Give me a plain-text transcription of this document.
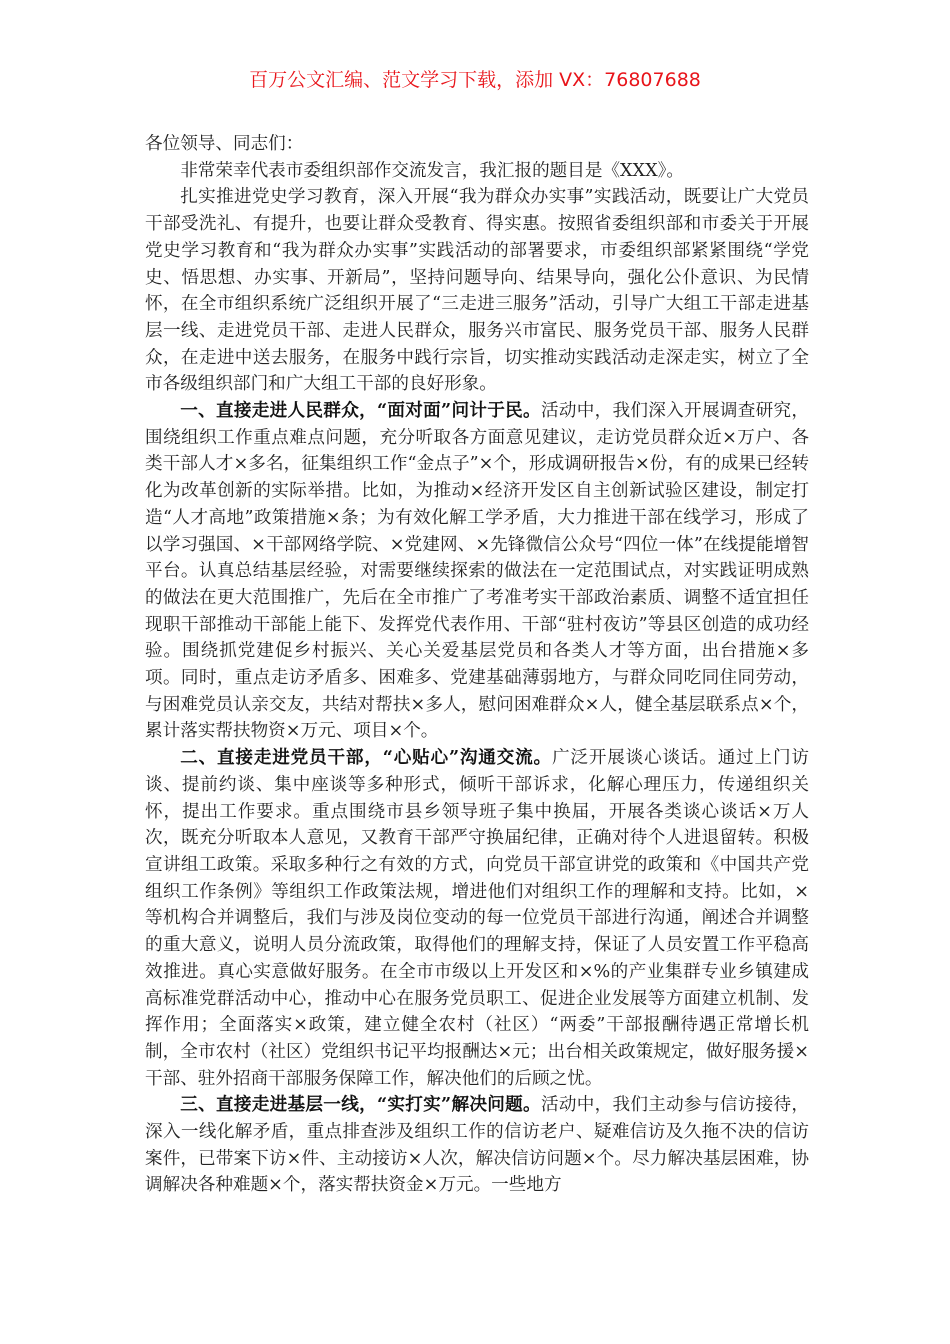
百万公文汇编、范文学习下载，添加 VX：76807688

各位领导、同志们：

非常荣幸代表市委组织部作交流发言，我汇报的题目是《XXX》。

扎实推进党史学习教育，深入开展“我为群众办实事”实践活动，既要让广大党员干部受洗礼、有提升，也要让群众受教育、得实惠。按照省委组织部和市委关于开展党史学习教育和“我为群众办实事”实践活动的部署要求，市委组织部紧紧围绕“学党史、悟思想、办实事、开新局”，坚持问题导向、结果导向，强化公仆意识、为民情怀，在全市组织系统广泛组织开展了“三走进三服务”活动，引导广大组工干部走进基层一线、走进党员干部、走进人民群众，服务兴市富民、服务党员干部、服务人民群众，在走进中送去服务，在服务中践行宗旨，切实推动实践活动走深走实，树立了全市各级组织部门和广大组工干部的良好形象。

一、直接走进人民群众，“面对面”问计于民。活动中，我们深入开展调查研究，围绕组织工作重点难点问题，充分听取各方面意见建议，走访党员群众近×万户、各类干部人才×多名，征集组织工作“金点子”×个，形成调研报告×份，有的成果已经转化为改革创新的实际举措。比如，为推动×经济开发区自主创新试验区建设，制定打造“人才高地”政策措施×条；为有效化解工学矛盾，大力推进干部在线学习，形成了以学习强国、×干部网络学院、×党建网、×先锋微信公众号“四位一体”在线提能增智平台。认真总结基层经验，对需要继续探索的做法在一定范围试点，对实践证明成熟的做法在更大范围推广，先后在全市推广了考准考实干部政治素质、调整不适宜担任现职干部推动干部能上能下、发挥党代表作用、干部“驻村夜访”等县区创造的成功经验。围绕抓党建促乡村振兴、关心关爱基层党员和各类人才等方面，出台措施×多项。同时，重点走访矛盾多、困难多、党建基础薄弱地方，与群众同吃同住同劳动，与困难党员认亲交友，共结对帮扶×多人，慰问困难群众×人，健全基层联系点×个，累计落实帮扶物资×万元、项目×个。

二、直接走进党员干部，“心贴心”沟通交流。广泛开展谈心谈话。通过上门访谈、提前约谈、集中座谈等多种形式，倾听干部诉求，化解心理压力，传递组织关怀，提出工作要求。重点围绕市县乡领导班子集中换届，开展各类谈心谈话×万人次，既充分听取本人意见，又教育干部严守换届纪律，正确对待个人进退留转。积极宣讲组工政策。采取多种行之有效的方式，向党员干部宣讲党的政策和《中国共产党组织工作条例》等组织工作政策法规，增进他们对组织工作的理解和支持。比如，×等机构合并调整后，我们与涉及岗位变动的每一位党员干部进行沟通，阐述合并调整的重大意义，说明人员分流政策，取得他们的理解支持，保证了人员安置工作平稳高效推进。真心实意做好服务。在全市市级以上开发区和×%的产业集群专业乡镇建成高标准党群活动中心，推动中心在服务党员职工、促进企业发展等方面建立机制、发挥作用；全面落实×政策，建立健全农村（社区）“两委”干部报酬待遇正常增长机制，全市农村（社区）党组织书记平均报酬达×元；出台相关政策规定，做好服务援×干部、驻外招商干部服务保障工作，解决他们的后顾之忧。

三、直接走进基层一线，“实打实”解决问题。活动中，我们主动参与信访接待，深入一线化解矛盾，重点排查涉及组织工作的信访老户、疑难信访及久拖不决的信访案件，已带案下访×件、主动接访×人次，解决信访问题×个。尽力解决基层困难，协调解决各种难题×个，落实帮扶资金×万元。一些地方
